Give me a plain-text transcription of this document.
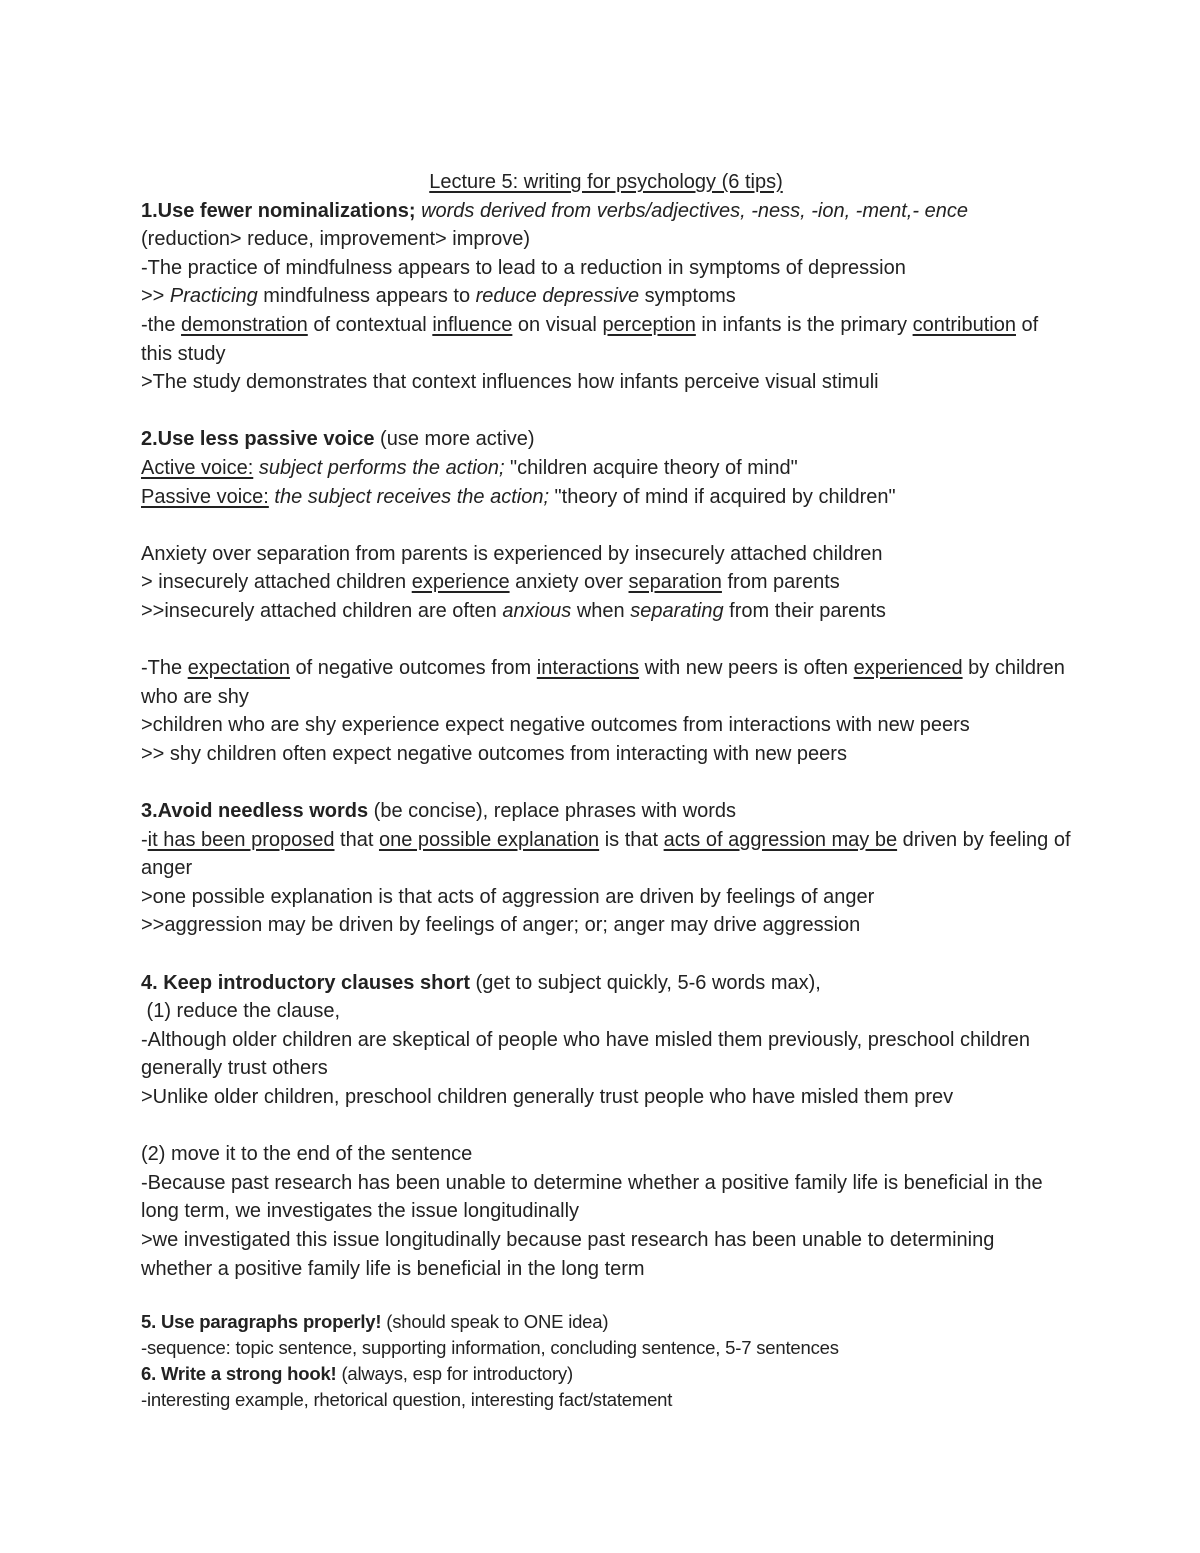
Lecture 5: writing for psychology (6 tips)
1.Use fewer nominalizations; words derived from verbs/adjectives, -ness, -ion, -ment,- ence
(reduction> reduce, improvement> improve)
-The practice of mindfulness appears to lead to a reduction in symptoms of depression
>> Practicing mindfulness appears to reduce depressive symptoms
-the demonstration of contextual influence on visual perception in infants is the primary contribution of this study
>The study demonstrates that context influences how infants perceive visual stimuli
2.Use less passive voice (use more active)
Active voice: subject performs the action; "children acquire theory of mind"
Passive voice: the subject receives the action; "theory of mind if acquired by children"
Anxiety over separation from parents is experienced by insecurely attached children
> insecurely attached children experience anxiety over separation from parents
>>insecurely attached children are often anxious when separating from their parents
-The expectation of negative outcomes from interactions with new peers is often experienced by children who are shy
>children who are shy experience expect negative outcomes from interactions with new peers
>> shy children often expect negative outcomes from interacting with new peers
3.Avoid needless words (be concise), replace phrases with words
-it has been proposed that one possible explanation is that acts of aggression may be driven by feeling of anger
>one possible explanation is that acts of aggression are driven by feelings of anger
>>aggression may be driven by feelings of anger; or; anger may drive aggression
4. Keep introductory clauses short (get to subject quickly, 5-6 words max),
(1) reduce the clause,
-Although older children are skeptical of people who have misled them previously, preschool children generally trust others
>Unlike older children, preschool children generally trust people who have misled them prev
(2) move it to the end of the sentence
-Because past research has been unable to determine whether a positive family life is beneficial in the long term, we investigates the issue longitudinally
>we investigated this issue longitudinally because past research has been unable to determining whether a positive family life is beneficial in the long term
5. Use paragraphs properly! (should speak to ONE idea)
-sequence: topic sentence, supporting information, concluding sentence, 5-7 sentences
6. Write a strong hook! (always, esp for introductory)
-interesting example, rhetorical question, interesting fact/statement
